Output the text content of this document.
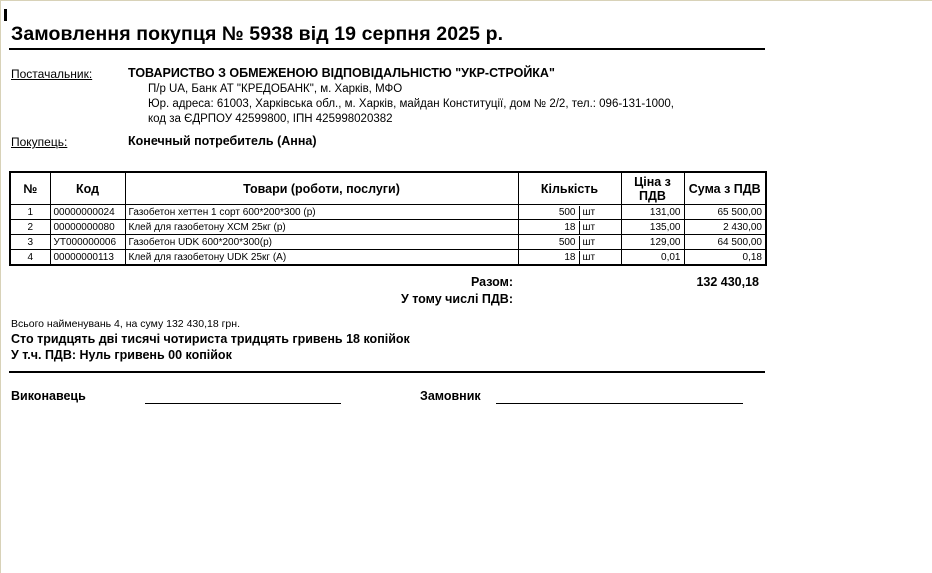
Замовлення покупця № 5938 від 19 серпня 2025 р.
Постачальник:	ТОВАРИСТВО З ОБМЕЖЕНОЮ ВІДПОВІДАЛЬНІСТЮ "УКР-СТРОЙКА"
П/р UA, Банк АТ "КРЕДОБАНК", м. Харків, МФО
Юр. адреса: 61003, Харківська обл., м. Харків, майдан Конституції, дом № 2/2, тел.: 096-131-1000,
код за ЄДРПОУ 42599800, ІПН 425998020382
Покупець:	Конечный потребитель (Анна)
№	Код	Товари (роботи, послуги)	Кількість	Ціна з ПДВ	Сума з ПДВ
1	00000000024	Газобетон хеттен 1 сорт 600*200*300 (р)	500 шт	131,00	65 500,00
2	00000000080	Клей для газобетону ХСМ 25кг (р)	18 шт	135,00	2 430,00
3	УТ000000006	Газобетон UDK 600*200*300(р)	500 шт	129,00	64 500,00
4	00000000113	Клей для газобетону UDK 25кг (А)	18 шт	0,01	0,18
Разом:	132 430,18
У тому числі ПДВ:
Всього найменувань 4, на суму 132 430,18 грн.
Сто тридцять дві тисячі чотириста тридцять гривень 18 копійок
У т.ч. ПДВ: Нуль гривень 00 копійок
Виконавець	Замовник
